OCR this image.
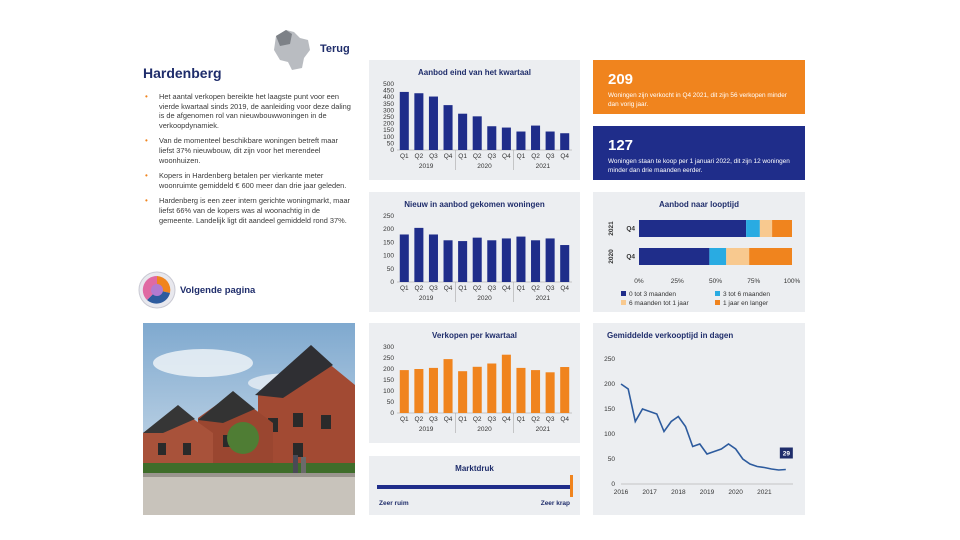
Terug
Hardenberg
• Het aantal verkopen bereikte het laagste punt voor een vierde kwartaal sinds 2019, de aanleiding voor deze daling is de afgenomen rol van nieuwbouwwoningen in de verkoopdynamiek.
• Van de momenteel beschikbare woningen betreft maar liefst 37% nieuwbouw, dit zijn voor het merendeel woonhuizen.
• Kopers in Hardenberg betalen per vierkante meter woonruimte gemiddeld € 600 meer dan drie jaar geleden.
• Hardenberg is een zeer intern gerichte woningmarkt, maar liefst 66% van de kopers was al woonachtig in de gemeente. Landelijk ligt dit aandeel gemiddeld rond 37%.
Volgende pagina
Aanbod eind van het kwartaal
0
50
100
150
200
250
300
350
400
450
500
Q1 Q2 Q3 Q4 Q1 Q2 Q3 Q4 Q1 Q2 Q3 Q4
2019	2020	2021
Nieuw in aanbod gekomen woningen
0
50
100
150
200
250
Q1 Q2 Q3 Q4 Q1 Q2 Q3 Q4 Q1 Q2 Q3 Q4
2019	2020	2021
Verkopen per kwartaal
0
50
100
150
200
250
300
Q1 Q2 Q3 Q4 Q1 Q2 Q3 Q4 Q1 Q2 Q3 Q4
2019	2020	2021
Marktdruk
Zeer ruim	Zeer krap
209
Woningen zijn verkocht in Q4 2021, dit zijn 56 verkopen minder dan vorig jaar.
127
Woningen staan te koop per 1 januari 2022, dit zijn 12 woningen minder dan drie maanden eerder.
Aanbod naar looptijd
2021 Q4
2020 Q4
0%	25%	50%	75%	100%
0 tot 3 maanden	3 tot 6 maanden
6 maanden tot 1 jaar	1 jaar en langer
Gemiddelde verkooptijd in dagen
0
50
100
150
200
250
2016 2017 2018 2019 2020 2021
29
